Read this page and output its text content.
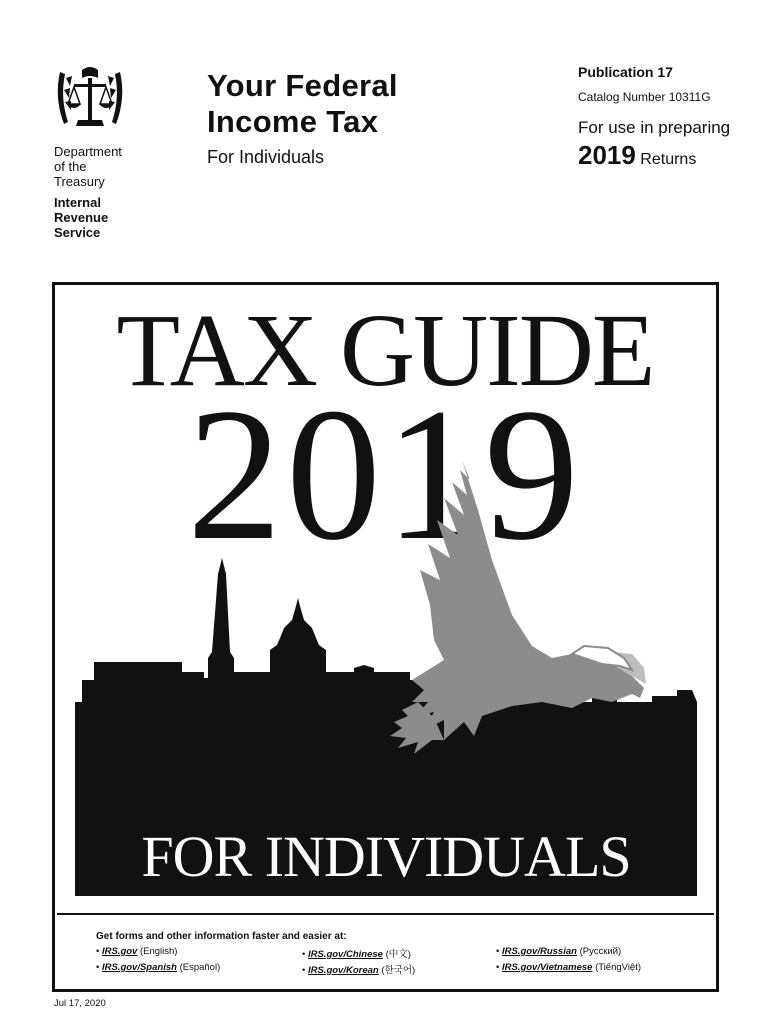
Department
of the
Treasury
Internal
Revenue
Service
Your Federal
Income Tax
For Individuals
Publication 17
Catalog Number 10311G
For use in preparing
2019 Returns
TAX GUIDE
2019
FOR INDIVIDUALS
Get forms and other information faster and easier at:
• IRS.gov (English)
• IRS.gov/Spanish (Español)
• IRS.gov/Chinese (中文)
• IRS.gov/Korean (한국어)
• IRS.gov/Russian (Русский)
• IRS.gov/Vietnamese (TiếngViệt)
Jul 17, 2020
